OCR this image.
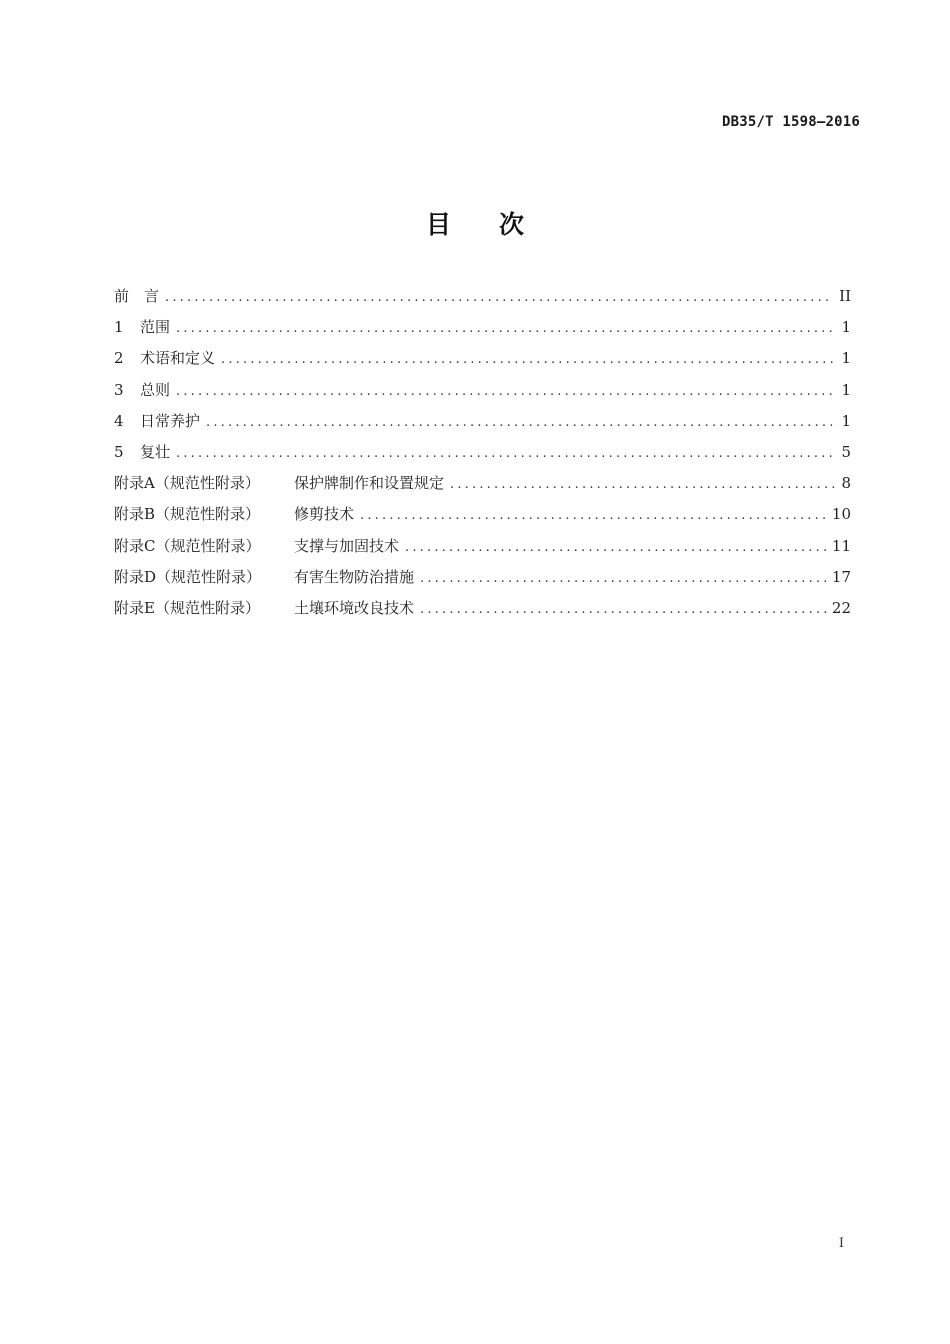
DB35/T 1598—2016
目次
前　言 .....	II
1	范围 .....	1
2	术语和定义 .....	1
3	总则 .....	1
4	日常养护 .....	1
5	复壮 .....	5
附录A（规范性附录）	保护牌制作和设置规定 .....	8
附录B（规范性附录）	修剪技术 .....	10
附录C（规范性附录）	支撑与加固技术 .....	11
附录D（规范性附录）	有害生物防治措施 .....	17
附录E（规范性附录）	土壤环境改良技术 .....	22
I
